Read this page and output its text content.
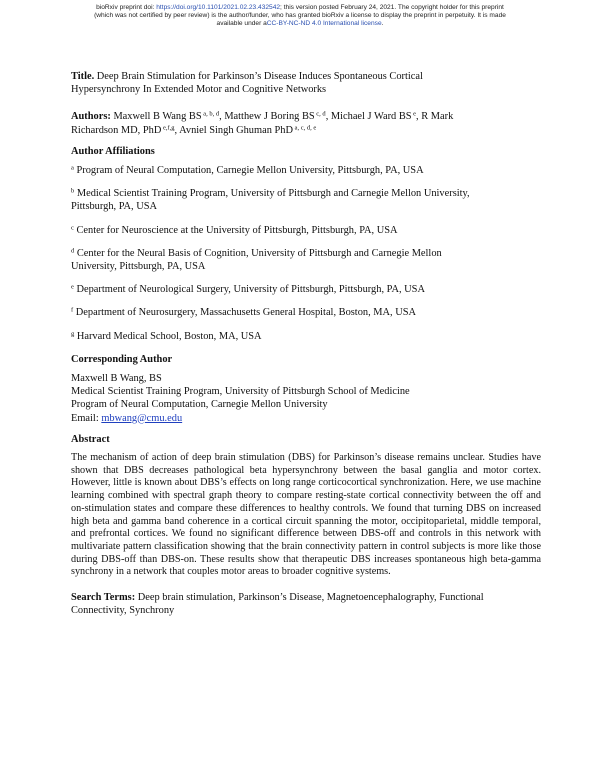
bioRxiv preprint doi: https://doi.org/10.1101/2021.02.23.432542; this version posted February 24, 2021. The copyright holder for this preprint
(which was not certified by peer review) is the author/funder, who has granted bioRxiv a license to display the preprint in perpetuity. It is made
available under aCC-BY-NC-ND 4.0 International license.

Title. Deep Brain Stimulation for Parkinson’s Disease Induces Spontaneous Cortical

Hypersynchrony In Extended Motor and Cognitive Networks

Authors: Maxwell B Wang BS $^{a, b, d}$, Matthew J Boring BS $^{c, d}$, Michael J Ward BS $^e$, R Mark

Richardson MD, PhD $^{e,f,g}$, Avniel Singh Ghuman PhD $^{a, c, d, e}$

Author Affiliations

$^a$ Program of Neural Computation, Carnegie Mellon University, Pittsburgh, PA, USA

$^b$ Medical Scientist Training Program, University of Pittsburgh and Carnegie Mellon University,

Pittsburgh, PA, USA

$^c$ Center for Neuroscience at the University of Pittsburgh, Pittsburgh, PA, USA

$^d$ Center for the Neural Basis of Cognition, University of Pittsburgh and Carnegie Mellon

University, Pittsburgh, PA, USA

$^e$ Department of Neurological Surgery, University of Pittsburgh, Pittsburgh, PA, USA

$^f$ Department of Neurosurgery, Massachusetts General Hospital, Boston, MA, USA

$^g$ Harvard Medical School, Boston, MA, USA

Corresponding Author

Maxwell B Wang, BS

Medical Scientist Training Program, University of Pittsburgh School of Medicine

Program of Neural Computation, Carnegie Mellon University

Email: mbwang@cmu.edu

Abstract

The mechanism of action of deep brain stimulation (DBS) for Parkinson’s disease remains unclear. Studies have shown that DBS decreases pathological beta hypersynchrony between the basal ganglia and motor cortex. However, little is known about DBS’s effects on long range corticocortical synchronization. Here, we use machine learning combined with spectral graph theory to compare resting-state cortical connectivity between the off and on-stimulation states and compare these differences to healthy controls. We found that turning DBS on increased high beta and gamma band coherence in a cortical circuit spanning the motor, occipitoparietal, middle temporal, and prefrontal cortices. We found no significant difference between DBS-off and controls in this network with multivariate pattern classification showing that the brain connectivity pattern in control subjects is more like those during DBS-off than DBS-on. These results show that therapeutic DBS increases spontaneous high beta-gamma synchrony in a network that couples motor areas to broader cognitive systems.

Search Terms: Deep brain stimulation, Parkinson’s Disease, Magnetoencephalography, Functional Connectivity, Synchrony
